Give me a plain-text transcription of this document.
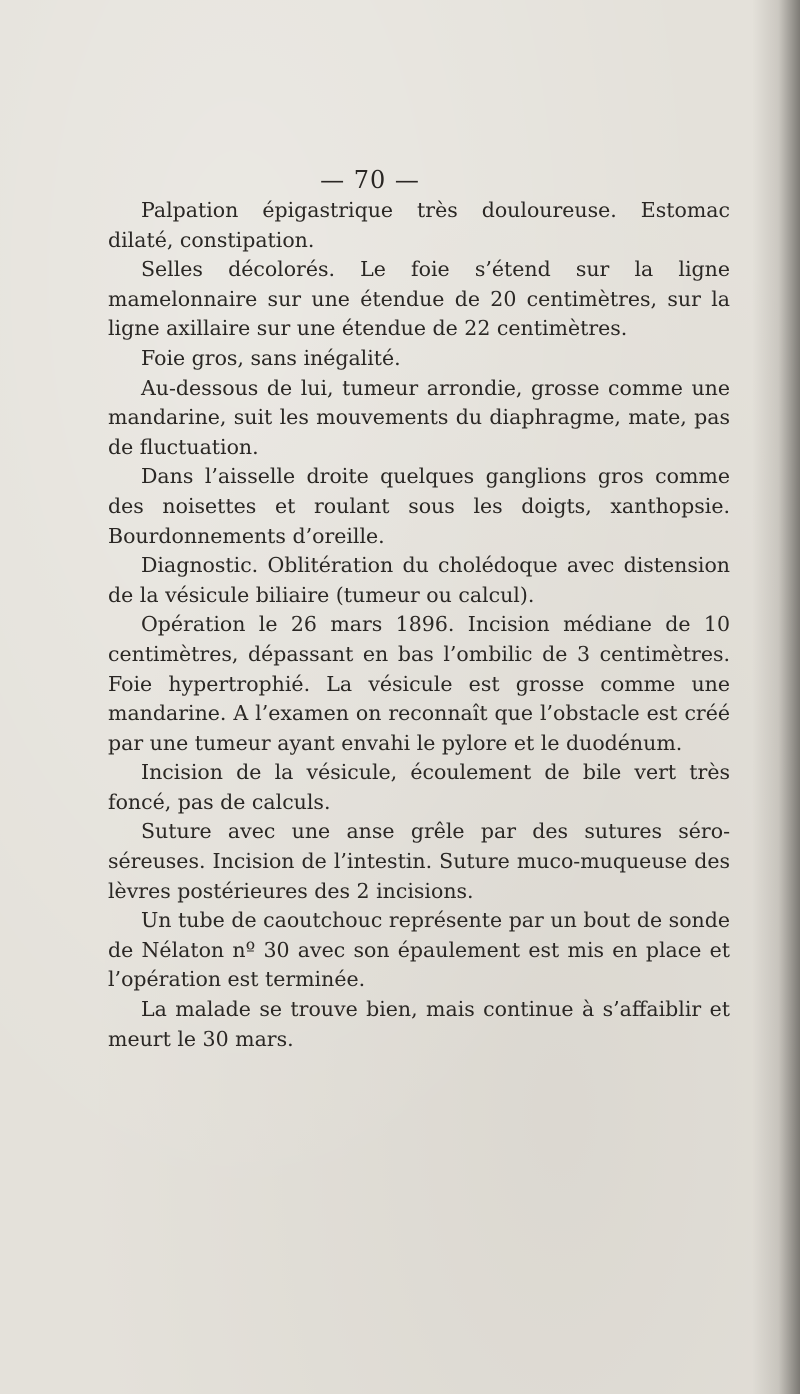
— 70 —

Palpation épigastrique très douloureuse. Estomac dilaté, constipation.

Selles décolorés. Le foie s’étend sur la ligne mamelonnaire sur une étendue de 20 centimètres, sur la ligne axillaire sur une étendue de 22 centimètres.

Foie gros, sans inégalité.

Au-dessous de lui, tumeur arrondie, grosse comme une mandarine, suit les mouvements du diaphragme, mate, pas de fluctuation.

Dans l’aisselle droite quelques ganglions gros comme des noisettes et roulant sous les doigts, xanthopsie. Bourdonnements d’oreille.

Diagnostic. Oblitération du cholédoque avec distension de la vésicule biliaire (tumeur ou calcul).

Opération le 26 mars 1896. Incision médiane de 10 centimètres, dépassant en bas l’ombilic de 3 centimètres. Foie hypertrophié. La vésicule est grosse comme une mandarine. A l’examen on reconnaît que l’obstacle est créé par une tumeur ayant envahi le pylore et le duodénum.

Incision de la vésicule, écoulement de bile vert très foncé, pas de calculs.

Suture avec une anse grêle par des sutures séro-séreuses. Incision de l’intestin. Suture muco-muqueuse des lèvres postérieures des 2 incisions.

Un tube de caoutchouc représente par un bout de sonde de Nélaton nº 30 avec son épaulement est mis en place et l’opération est terminée.

La malade se trouve bien, mais continue à s’affaiblir et meurt le 30 mars.
